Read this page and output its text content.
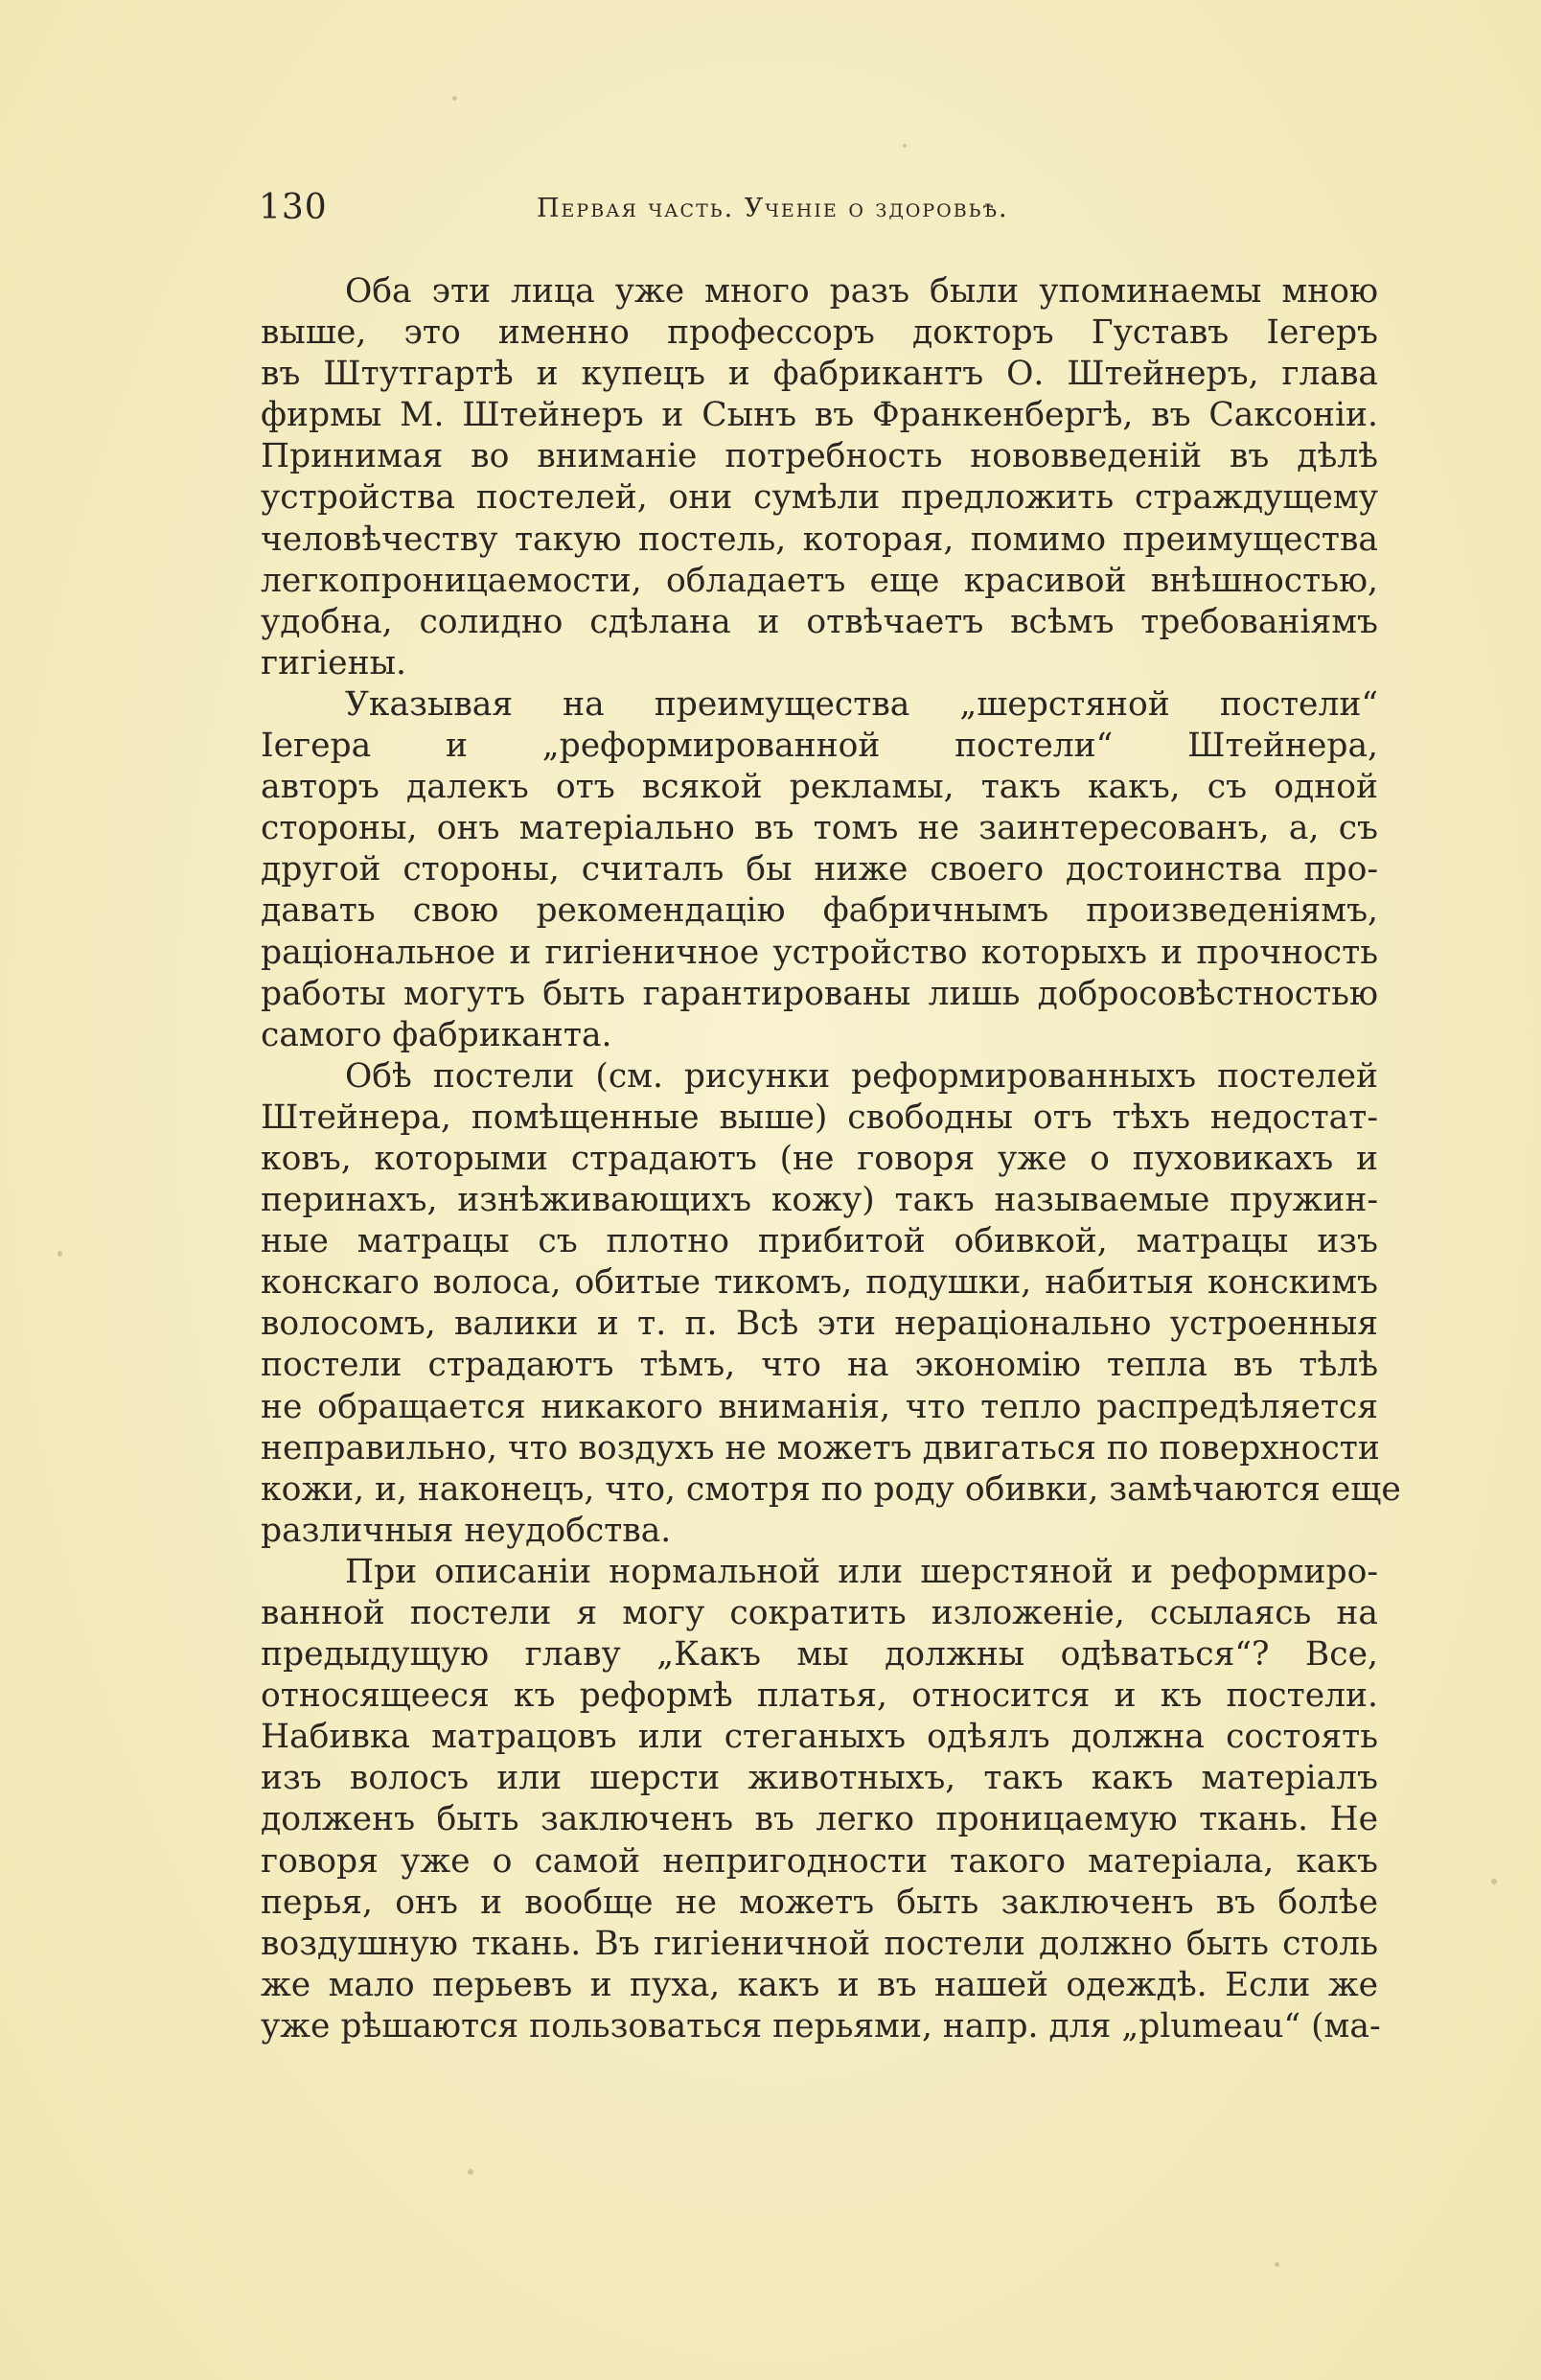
130	Первая часть. Ученіе о здоровьѣ.
Оба эти лица уже много разъ были упоминаемы мною
выше, это именно профессоръ докторъ Густавъ Іегеръ
въ Штутгартѣ и купецъ и фабрикантъ О. Штейнеръ, глава
фирмы М. Штейнеръ и Сынъ въ Франкенбергѣ, въ Саксоніи.
Принимая во вниманіе потребность нововведеній въ дѣлѣ
устройства постелей, они сумѣли предложить страждущему
человѣчеству такую постель, которая, помимо преимущества
легкопроницаемости, обладаетъ еще красивой внѣшностью,
удобна, солидно сдѣлана и отвѣчаетъ всѣмъ требованіямъ
гигіены.
Указывая на преимущества „шерстяной постели“
Іегера и „реформированной постели“ Штейнера,
авторъ далекъ отъ всякой рекламы, такъ какъ, съ одной
стороны, онъ матеріально въ томъ не заинтересованъ, а, съ
другой стороны, считалъ бы ниже своего достоинства про-
давать свою рекомендацію фабричнымъ произведеніямъ,
раціональное и гигіеничное устройство которыхъ и прочность
работы могутъ быть гарантированы лишь добросовѣстностью
самого фабриканта.
Обѣ постели (см. рисунки реформированныхъ постелей
Штейнера, помѣщенные выше) свободны отъ тѣхъ недостат-
ковъ, которыми страдаютъ (не говоря уже о пуховикахъ и
перинахъ, изнѣживающихъ кожу) такъ называемые пружин-
ные матрацы съ плотно прибитой обивкой, матрацы изъ
конскаго волоса, обитые тикомъ, подушки, набитыя конскимъ
волосомъ, валики и т. п. Всѣ эти нераціонально устроенныя
постели страдаютъ тѣмъ, что на экономію тепла въ тѣлѣ
не обращается никакого вниманія, что тепло распредѣляется
неправильно, что воздухъ не можетъ двигаться по поверхности
кожи, и, наконецъ, что, смотря по роду обивки, замѣчаются еще
различныя неудобства.
При описаніи нормальной или шерстяной и реформиро-
ванной постели я могу сократить изложеніе, ссылаясь на
предыдущую главу „Какъ мы должны одѣваться“? Все,
относящееся къ реформѣ платья, относится и къ постели.
Набивка матрацовъ или стеганыхъ одѣялъ должна состоять
изъ волосъ или шерсти животныхъ, такъ какъ матеріалъ
долженъ быть заключенъ въ легко проницаемую ткань. Не
говоря уже о самой непригодности такого матеріала, какъ
перья, онъ и вообще не можетъ быть заключенъ въ болѣе
воздушную ткань. Въ гигіеничной постели должно быть столь
же мало перьевъ и пуха, какъ и въ нашей одеждѣ. Если же
уже рѣшаются пользоваться перьями, напр. для „plumeau“ (ма-
